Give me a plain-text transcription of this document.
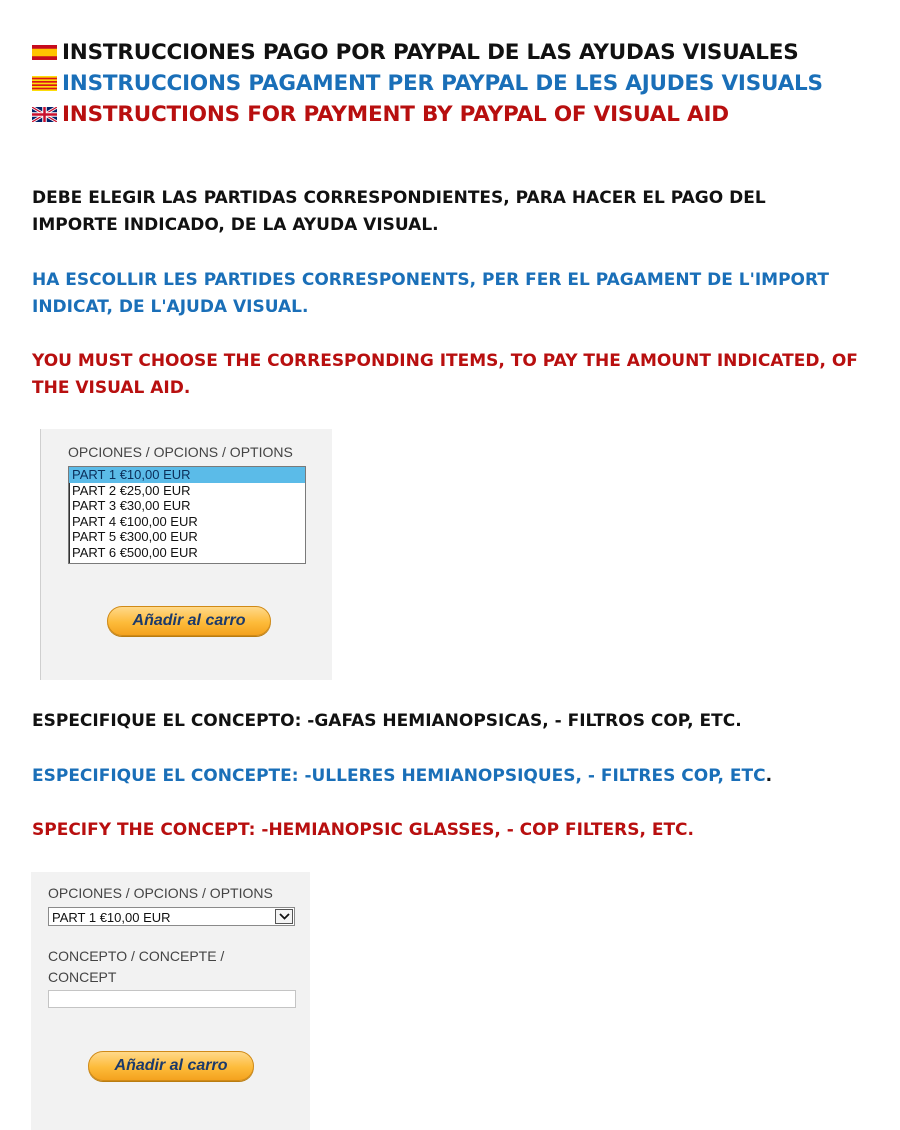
INSTRUCCIONES PAGO POR PAYPAL DE LAS AYUDAS VISUALES
INSTRUCCIONS PAGAMENT PER PAYPAL DE LES AJUDES VISUALS
INSTRUCTIONS FOR PAYMENT BY PAYPAL OF VISUAL AID

DEBE ELEGIR LAS PARTIDAS CORRESPONDIENTES, PARA HACER EL PAGO DEL IMPORTE INDICADO, DE LA AYUDA VISUAL.

HA ESCOLLIR LES PARTIDES CORRESPONENTS, PER FER EL PAGAMENT DE L'IMPORT INDICAT, DE L'AJUDA VISUAL.

YOU MUST CHOOSE THE CORRESPONDING ITEMS, TO PAY THE AMOUNT INDICATED, OF THE VISUAL AID.

OPCIONES / OPCIONS / OPTIONS
PART 1 €10,00 EUR
PART 2 €25,00 EUR
PART 3 €30,00 EUR
PART 4 €100,00 EUR
PART 5 €300,00 EUR
PART 6 €500,00 EUR
Añadir al carro

ESPECIFIQUE EL CONCEPTO: -GAFAS HEMIANOPSICAS, - FILTROS COP, ETC.

ESPECIFIQUE EL CONCEPTE: -ULLERES HEMIANOPSIQUES, - FILTRES COP, ETC.

SPECIFY THE CONCEPT: -HEMIANOPSIC GLASSES, - COP FILTERS, ETC.

OPCIONES / OPCIONS / OPTIONS
PART 1 €10,00 EUR
CONCEPTO / CONCEPTE /
CONCEPT
Añadir al carro
